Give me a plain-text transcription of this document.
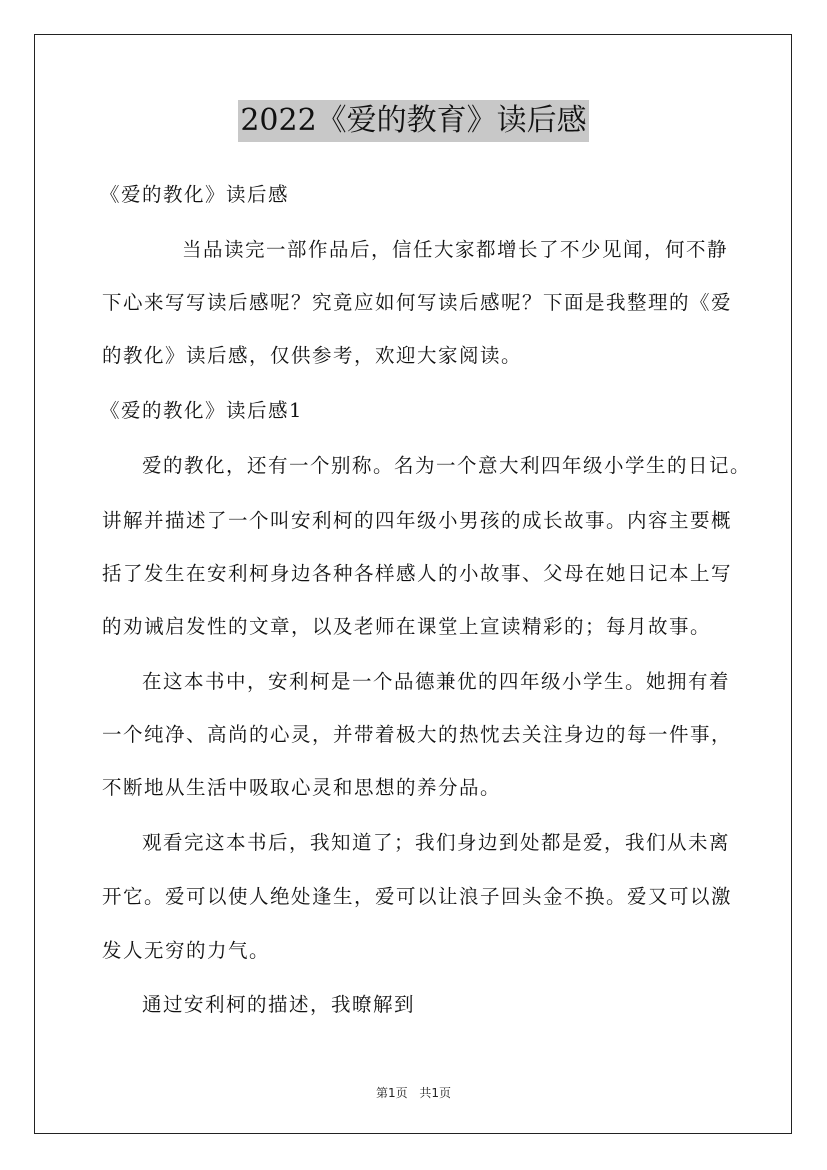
2022《爱的教育》读后感
《爱的教化》读后感
当品读完一部作品后，信任大家都增长了不少见闻，何不静
下心来写写读后感呢？究竟应如何写读后感呢？下面是我整理的《爱
的教化》读后感，仅供参考，欢迎大家阅读。
《爱的教化》读后感1
爱的教化，还有一个别称。名为一个意大利四年级小学生的日记。
讲解并描述了一个叫安利柯的四年级小男孩的成长故事。内容主要概
括了发生在安利柯身边各种各样感人的小故事、父母在她日记本上写
的劝诫启发性的文章，以及老师在课堂上宣读精彩的；每月故事。
在这本书中，安利柯是一个品德兼优的四年级小学生。她拥有着
一个纯净、高尚的心灵，并带着极大的热忱去关注身边的每一件事，
不断地从生活中吸取心灵和思想的养分品。
观看完这本书后，我知道了；我们身边到处都是爱，我们从未离
开它。爱可以使人绝处逢生，爱可以让浪子回头金不换。爱又可以激
发人无穷的力气。
通过安利柯的描述，我暸解到
第1页 共1页
